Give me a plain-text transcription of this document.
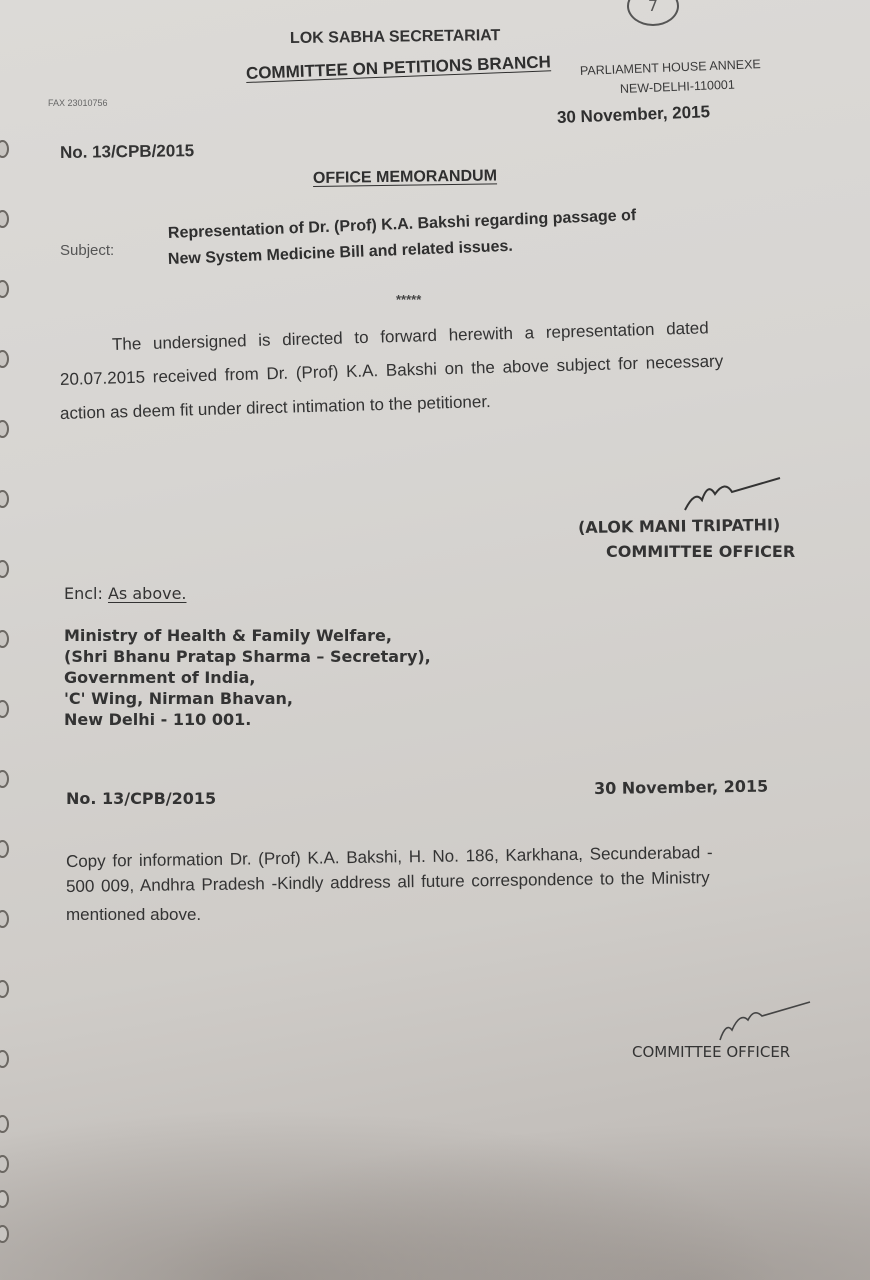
7
LOK SABHA SECRETARIAT
COMMITTEE ON PETITIONS BRANCH PARLIAMENT HOUSE ANNEXE
NEW-DELHI-110001
FAX 23010756
No. 13/CPB/2015
30 November, 2015
OFFICE MEMORANDUM
Subject:
Representation of Dr. (Prof) K.A. Bakshi regarding passage of
New System Medicine Bill and related issues.
*****
The undersigned is directed to forward herewith a representation dated
20.07.2015 received from Dr. (Prof) K.A. Bakshi on the above subject for necessary
action as deem fit under direct intimation to the petitioner.
(ALOK MANI TRIPATHI)
COMMITTEE OFFICER
Encl: As above.
Ministry of Health & Family Welfare,
(Shri Bhanu Pratap Sharma – Secretary),
Government of India,
'C' Wing, Nirman Bhavan,
New Delhi - 110 001.
No. 13/CPB/2015
30 November, 2015
Copy for information Dr. (Prof) K.A. Bakshi, H. No. 186, Karkhana, Secunderabad -
500 009, Andhra Pradesh -Kindly address all future correspondence to the Ministry
mentioned above.
COMMITTEE OFFICER
